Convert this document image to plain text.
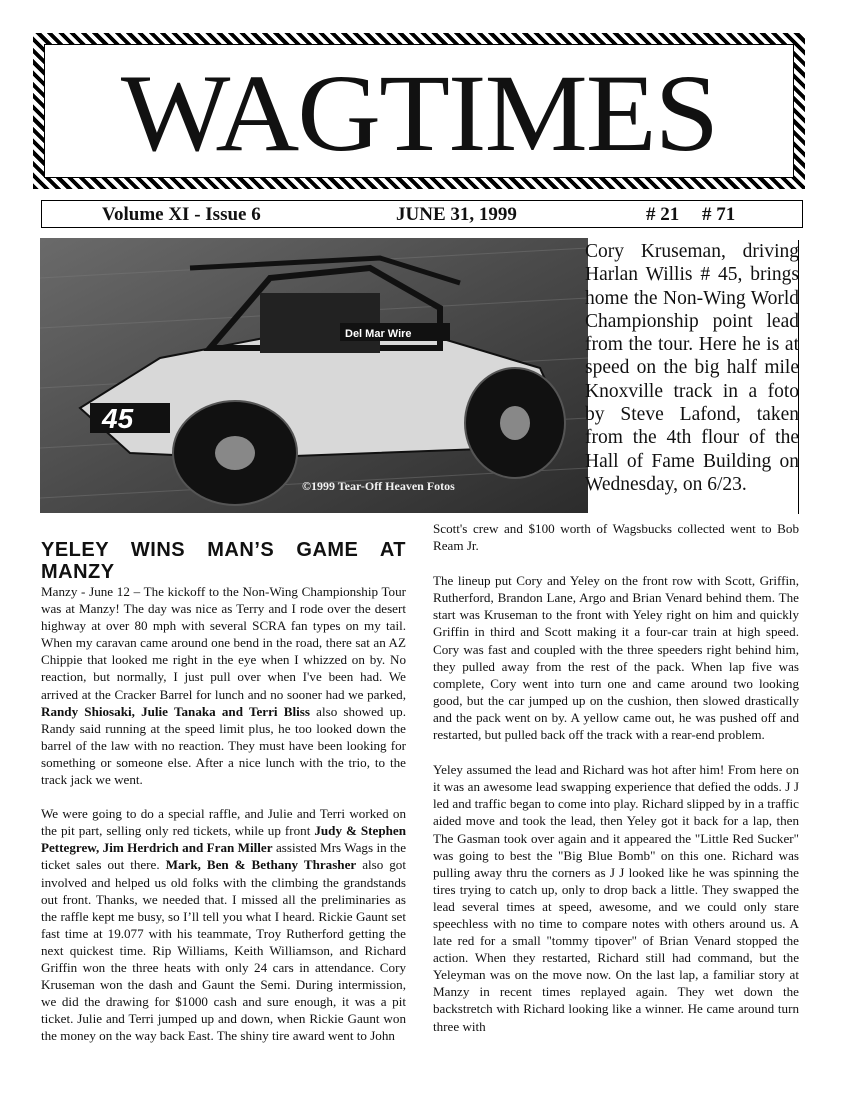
WAGTIMES
Volume XI - Issue 6	JUNE 31, 1999	# 21 # 71
Del Mar Wire
45
©1999 Tear-Off Heaven Fotos
Cory Kruseman, driving Harlan Willis # 45, brings home the Non-Wing World Championship point lead from the tour. Here he is at speed on the big half mile Knoxville track in a foto by Steve Lafond, taken from the 4th flour of the Hall of Fame Building on Wednesday, on 6/23.

YELEY WINS MAN’S GAME AT

MANZY

Manzy - June 12 – The kickoff to the Non-Wing Championship Tour was at Manzy! The day was nice as Terry and I rode over the desert highway at over 80 mph with several SCRA fan types on my tail. When my caravan came around one bend in the road, there sat an AZ Chippie that looked me right in the eye when I whizzed on by. No reaction, but normally, I just pull over when I've been had. We arrived at the Cracker Barrel for lunch and no sooner had we parked, Randy Shiosaki, Julie Tanaka and Terri Bliss also showed up. Randy said running at the speed limit plus, he too looked down the barrel of the law with no reaction. They must have been looking for something or someone else. After a nice lunch with the trio, to the track jack we went.

We were going to do a special raffle, and Julie and Terri worked on the pit part, selling only red tickets, while up front Judy & Stephen Pettegrew, Jim Herdrich and Fran Miller assisted Mrs Wags in the ticket sales out there. Mark, Ben & Bethany Thrasher also got involved and helped us old folks with the climbing the grandstands out front. Thanks, we needed that. I missed all the preliminaries as the raffle kept me busy, so I’ll tell you what I heard. Rickie Gaunt set fast time at 19.077 with his teammate, Troy Rutherford getting the next quickest time. Rip Williams, Keith Williamson, and Richard Griffin won the three heats with only 24 cars in attendance. Cory Kruseman won the dash and Gaunt the Semi. During intermission, we did the drawing for $1000 cash and sure enough, it was a pit ticket. Julie and Terri jumped up and down, when Rickie Gaunt won the money on the way back East. The shiny tire award went to John

Scott's crew and $100 worth of Wagsbucks collected went to Bob Ream Jr.

The lineup put Cory and Yeley on the front row with Scott, Griffin, Rutherford, Brandon Lane, Argo and Brian Venard behind them. The start was Kruseman to the front with Yeley right on him and quickly Griffin in third and Scott making it a four-car train at high speed. Cory was fast and coupled with the three speeders right behind him, they pulled away from the rest of the pack. When lap five was complete, Cory went into turn one and came around two looking good, but the car jumped up on the cushion, then slowed drastically and the pack went on by. A yellow came out, he was pushed off and restarted, but pulled back off the track with a rear-end problem.

Yeley assumed the lead and Richard was hot after him! From here on it was an awesome lead swapping experience that defied the odds. J J led and traffic began to come into play. Richard slipped by in a traffic aided move and took the lead, then Yeley got it back for a lap, then The Gasman took over again and it appeared the "Little Red Sucker" was going to best the "Big Blue Bomb" on this one. Richard was pulling away thru the corners as J J looked like he was spinning the tires trying to catch up, only to drop back a little. They swapped the lead several times at speed, awesome, and we could only stare speechless with no time to compare notes with others around us. A late red for a small "tommy tipover" of Brian Venard stopped the action. When they restarted, Richard still had command, but the Yeleyman was on the move now. On the last lap, a familiar story at Manzy in recent times replayed again. They wet down the backstretch with Richard looking like a winner. He came around turn three with
